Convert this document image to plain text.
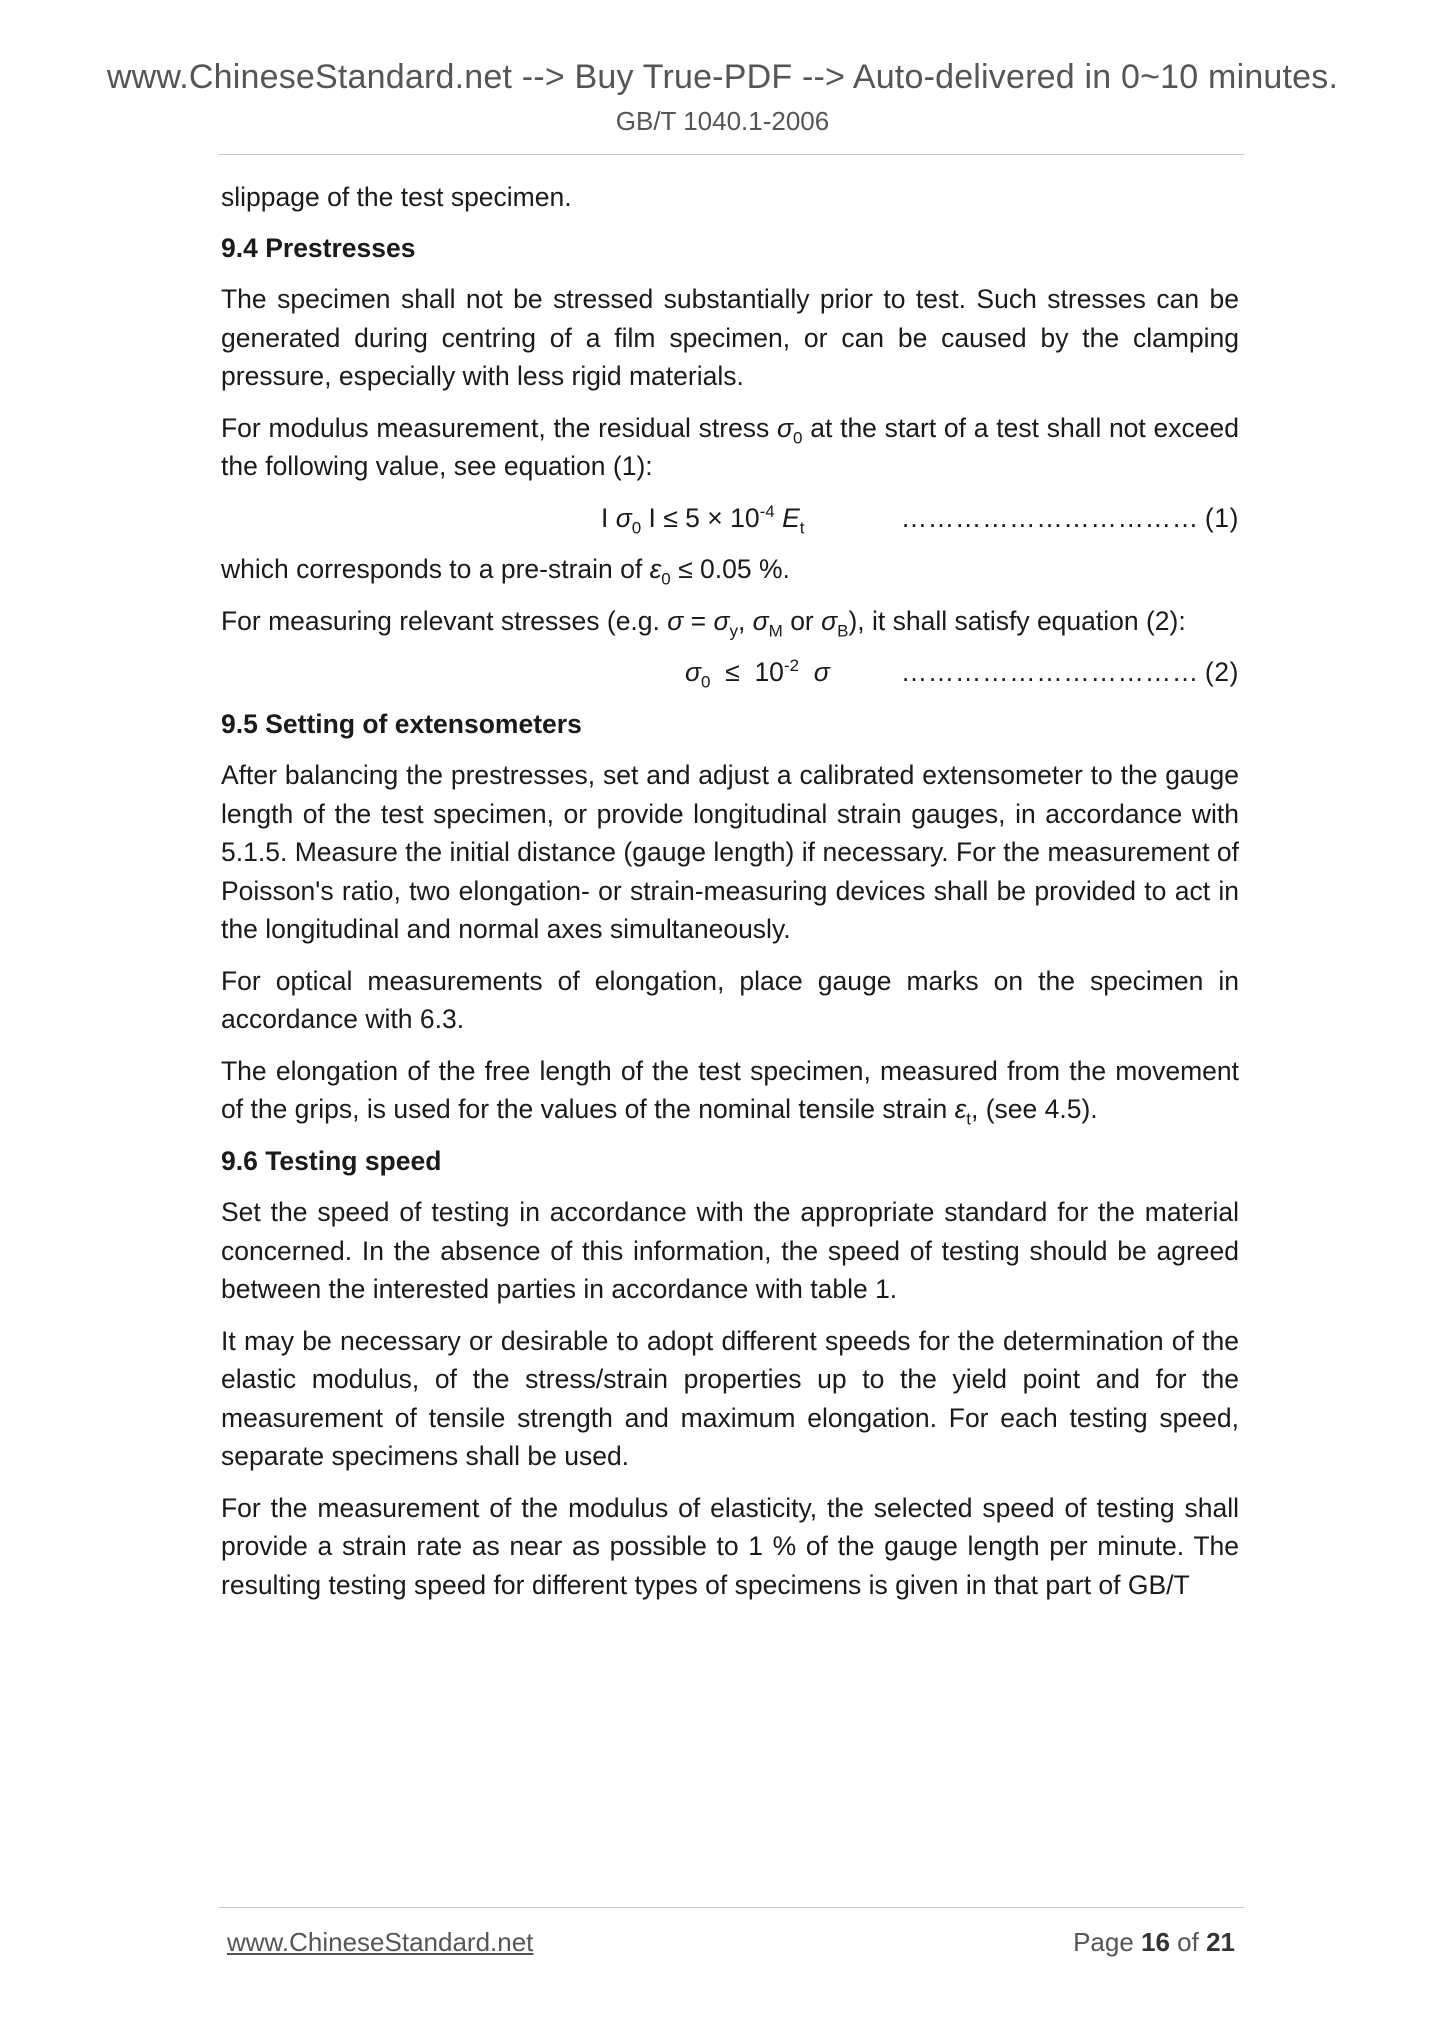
www.ChineseStandard.net --> Buy True-PDF --> Auto-delivered in 0~10 minutes.
GB/T 1040.1-2006

slippage of the test specimen.

9.4 Prestresses

The specimen shall not be stressed substantially prior to test. Such stresses can be generated during centring of a film specimen, or can be caused by the clamping pressure, especially with less rigid materials.

For modulus measurement, the residual stress $\sigma_0$ at the start of a test shall not exceed the following value, see equation (1):

I $\sigma_0$ $I \le 5 \times 10^{-4}$ $E_t$	…………………………… (1)

which corresponds to a pre-strain of $\varepsilon_0 \le 0.05$ %.

For measuring relevant stresses (e.g. $\sigma = \sigma_y$, $\sigma_M$ or $\sigma_B$), it shall satisfy equation (2):

$\sigma_0 \le 10^{-2}$ σ	…………………………… (2)

9.5 Setting of extensometers

After balancing the prestresses, set and adjust a calibrated extensometer to the gauge length of the test specimen, or provide longitudinal strain gauges, in accordance with 5.1.5. Measure the initial distance (gauge length) if necessary. For the measurement of Poisson's ratio, two elongation- or strain-measuring devices shall be provided to act in the longitudinal and normal axes simultaneously.

For optical measurements of elongation, place gauge marks on the specimen in accordance with 6.3.

The elongation of the free length of the test specimen, measured from the movement of the grips, is used for the values of the nominal tensile strain $\varepsilon_t$, (see 4.5).

9.6 Testing speed

Set the speed of testing in accordance with the appropriate standard for the material concerned. In the absence of this information, the speed of testing should be agreed between the interested parties in accordance with table 1.

It may be necessary or desirable to adopt different speeds for the determination of the elastic modulus, of the stress/strain properties up to the yield point and for the measurement of tensile strength and maximum elongation. For each testing speed, separate specimens shall be used.

For the measurement of the modulus of elasticity, the selected speed of testing shall provide a strain rate as near as possible to 1 % of the gauge length per minute. The resulting testing speed for different types of specimens is given in that part of GB/T

www.ChineseStandard.net	Page 16 of 21
